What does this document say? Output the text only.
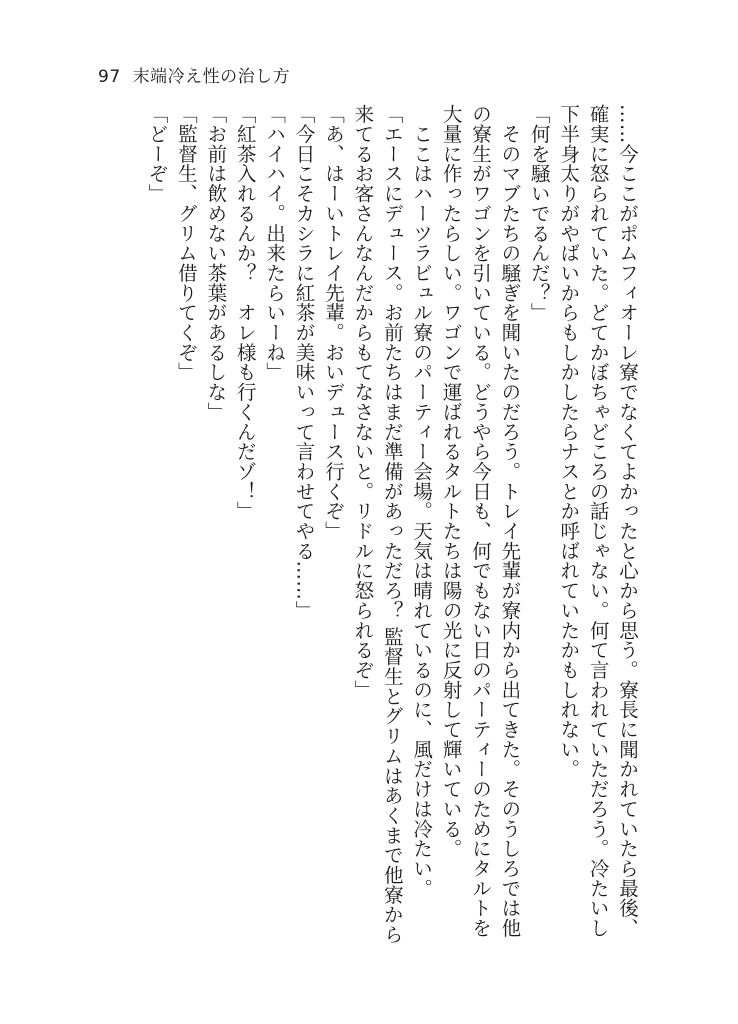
97 末端冷え性の治し方

……今ここがポムフィオーレ寮でなくてよかったと心から思う。寮長に聞かれていたら最後、

確実に怒られていた。どてかぼちゃどころの話じゃない。何て言われていただろう。冷たいし

下半身太りがやばいからもしかしたらナスとか呼ばれていたかもしれない。

「何を騒いでるんだ？」

　そのマブたちの騒ぎを聞いたのだろう。トレイ先輩が寮内から出てきた。そのうしろでは他

の寮生がワゴンを引いている。どうやら今日も、何でもない日のパーティーのためにタルトを

大量に作ったらしい。ワゴンで運ばれるタルトたちは陽の光に反射して輝いている。

　ここはハーツラビュル寮のパーティー会場。天気は晴れているのに、風だけは冷たい。

「エースにデュース。お前たちはまだ準備があっただろ？ 監督生とグリムはあくまで他寮から

来てるお客さんなんだからもてなさないと。リドルに怒られるぞ」

「あ、はーいトレイ先輩。おいデュース行くぞ」

「今日こそカシラに紅茶が美味いって言わせてやる……」

「ハイハイ。出来たらいーね」

「紅茶入れるんか？　オレ様も行くんだゾ！」

「お前は飲めない茶葉があるしな」

「監督生、グリム借りてくぞ」

「どーぞ」
